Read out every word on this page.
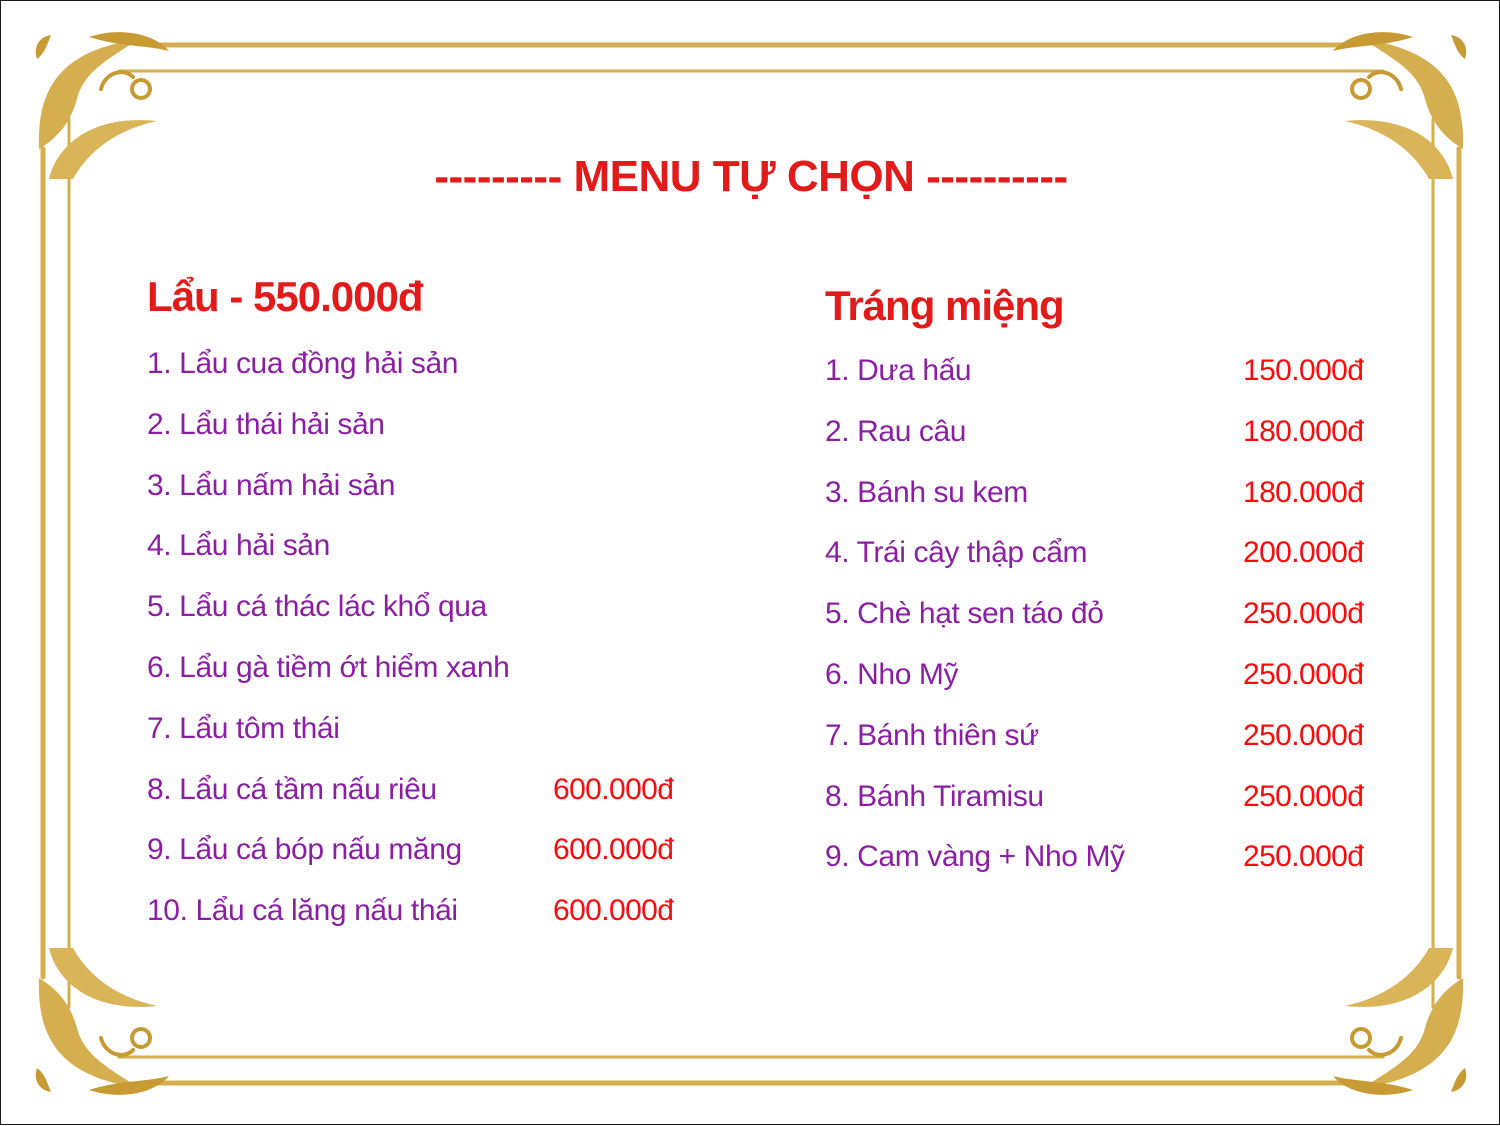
--------- MENU TỰ CHỌN ----------
Lẩu - 550.000đ
1. Lẩu cua đồng hải sản
2. Lẩu thái hải sản
3. Lẩu nấm hải sản
4. Lẩu hải sản
5. Lẩu cá thác lác khổ qua
6. Lẩu gà tiềm ớt hiểm xanh
7. Lẩu tôm thái
8. Lẩu cá tầm nấu riêu	600.000đ
9. Lẩu cá bóp nấu măng	600.000đ
10. Lẩu cá lăng nấu thái	600.000đ
Tráng miệng
1. Dưa hấu	150.000đ
2. Rau câu	180.000đ
3. Bánh su kem	180.000đ
4. Trái cây thập cẩm	200.000đ
5. Chè hạt sen táo đỏ	250.000đ
6. Nho Mỹ	250.000đ
7. Bánh thiên sứ	250.000đ
8. Bánh Tiramisu	250.000đ
9. Cam vàng + Nho Mỹ	250.000đ
